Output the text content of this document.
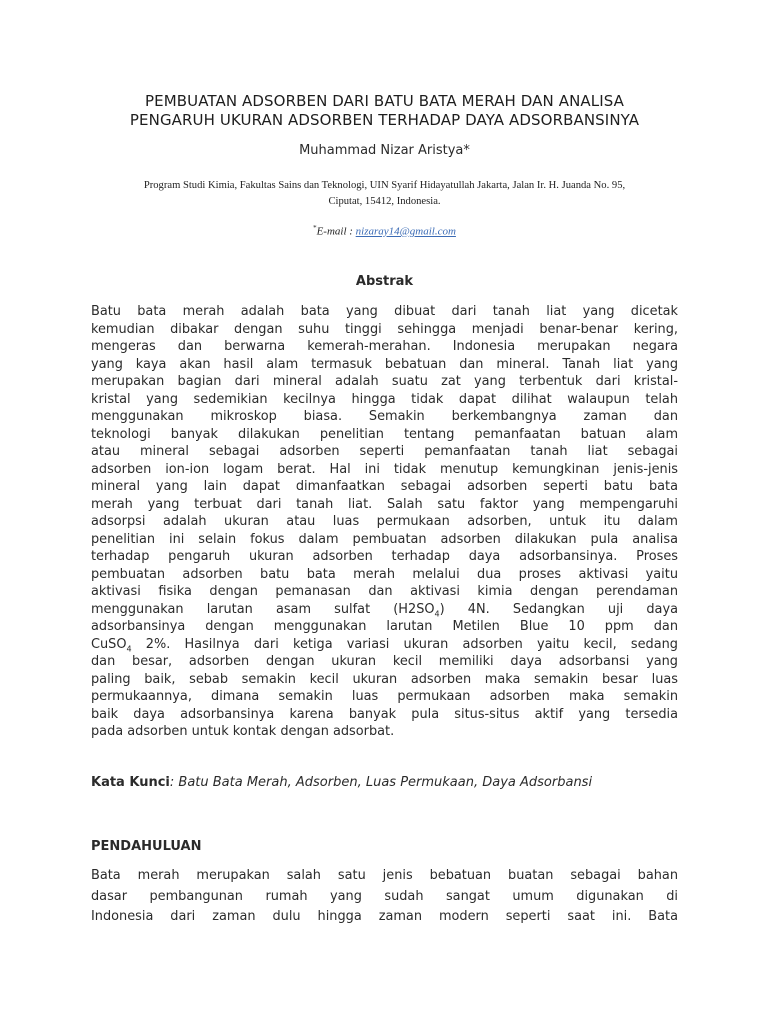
PEMBUATAN ADSORBEN DARI BATU BATA MERAH DAN ANALISA
PENGARUH UKURAN ADSORBEN TERHADAP DAYA ADSORBANSINYA
Muhammad Nizar Aristya*
Program Studi Kimia, Fakultas Sains dan Teknologi, UIN Syarif Hidayatullah Jakarta, Jalan Ir. H. Juanda No. 95,
Ciputat, 15412, Indonesia.
*E-mail : nizaray14@gmail.com
Abstrak
Batu bata merah adalah bata yang dibuat dari tanah liat yang dicetak
kemudian dibakar dengan suhu tinggi sehingga menjadi benar-benar kering,
mengeras dan berwarna kemerah-merahan. Indonesia merupakan negara
yang kaya akan hasil alam termasuk bebatuan dan mineral. Tanah liat yang
merupakan bagian dari mineral adalah suatu zat yang terbentuk dari kristal-
kristal yang sedemikian kecilnya hingga tidak dapat dilihat walaupun telah
menggunakan mikroskop biasa. Semakin berkembangnya zaman dan
teknologi banyak dilakukan penelitian tentang pemanfaatan batuan alam
atau mineral sebagai adsorben seperti pemanfaatan tanah liat sebagai
adsorben ion-ion logam berat. Hal ini tidak menutup kemungkinan jenis-jenis
mineral yang lain dapat dimanfaatkan sebagai adsorben seperti batu bata
merah yang terbuat dari tanah liat. Salah satu faktor yang mempengaruhi
adsorpsi adalah ukuran atau luas permukaan adsorben, untuk itu dalam
penelitian ini selain fokus dalam pembuatan adsorben dilakukan pula analisa
terhadap pengaruh ukuran adsorben terhadap daya adsorbansinya. Proses
pembuatan adsorben batu bata merah melalui dua proses aktivasi yaitu
aktivasi fisika dengan pemanasan dan aktivasi kimia dengan perendaman
menggunakan larutan asam sulfat $(H2SO_4)$ 4N. Sedangkan uji daya
adsorbansinya dengan menggunakan larutan Metilen Blue 10 ppm dan
CuSO$_4$ 2%. Hasilnya dari ketiga variasi ukuran adsorben yaitu kecil, sedang
dan besar, adsorben dengan ukuran kecil memiliki daya adsorbansi yang
paling baik, sebab semakin kecil ukuran adsorben maka semakin besar luas
permukaannya, dimana semakin luas permukaan adsorben maka semakin
baik daya adsorbansinya karena banyak pula situs-situs aktif yang tersedia
pada adsorben untuk kontak dengan adsorbat.
Kata Kunci: Batu Bata Merah, Adsorben, Luas Permukaan, Daya Adsorbansi
PENDAHULUAN
Bata merah merupakan salah satu jenis bebatuan buatan sebagai bahan
dasar pembangunan rumah yang sudah sangat umum digunakan di
Indonesia dari zaman dulu hingga zaman modern seperti saat ini. Bata
